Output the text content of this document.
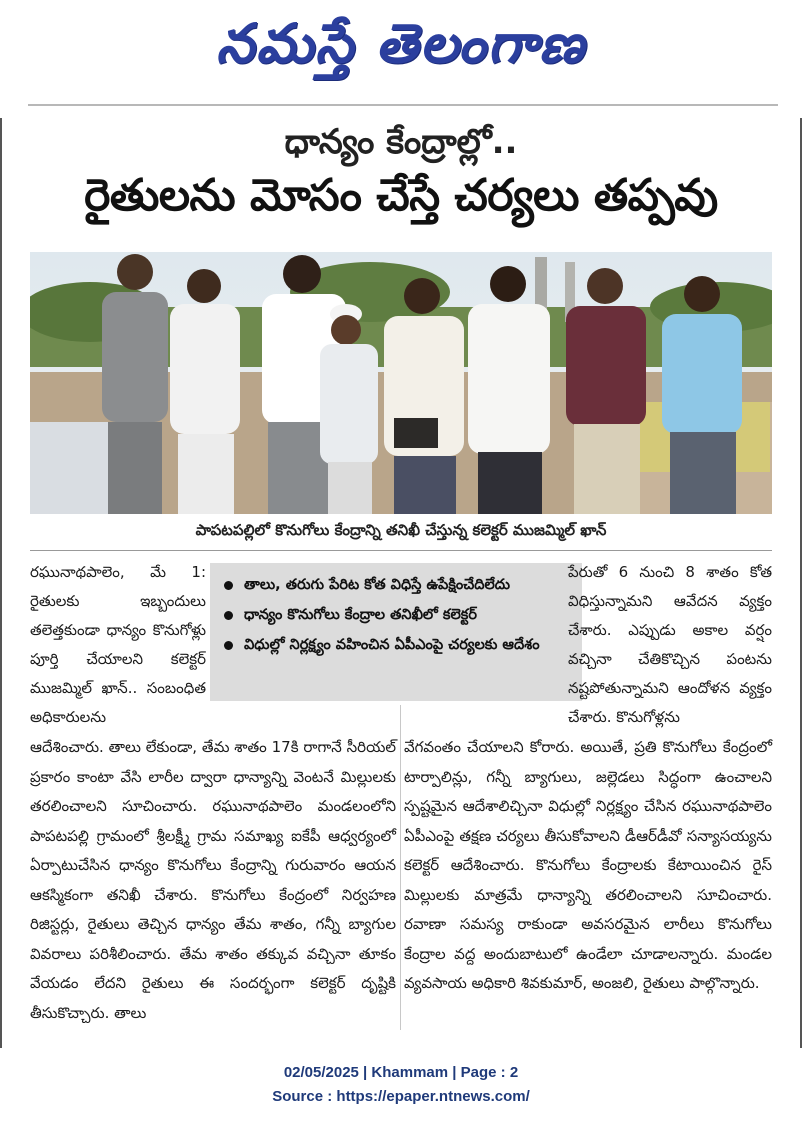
నమస్తే తెలంగాణ
ధాన్యం కేంద్రాల్లో..
రైతులను మోసం చేస్తే చర్యలు తప్పవు
పాపటపల్లిలో కొనుగోలు కేంద్రాన్ని తనిఖీ చేస్తున్న కలెక్టర్ ముజమ్మిల్ ఖాన్
రఘునాథపాలెం, మే 1: రైతులకు ఇబ్బందులు తలెత్తకుండా ధాన్యం కొనుగోళ్లు పూర్తి చేయాలని కలెక్టర్ ముజమ్మిల్ ఖాన్.. సంబంధిత అధికారులను
తాలు, తరుగు పేరిట కోత విధిస్తే ఉపేక్షించేదిలేదు
ధాన్యం కొనుగోలు కేంద్రాల తనిఖీలో కలెక్టర్
విధుల్లో నిర్లక్ష్యం వహించిన ఏపీఎంపై చర్యలకు ఆదేశం
పేరుతో 6 నుంచి 8 శాతం కోత విధిస్తున్నామని ఆవేదన వ్యక్తం చేశారు. ఎప్పుడు అకాల వర్షం వచ్చినా చేతికొచ్చిన పంటను నష్టపోతున్నామని ఆందోళన వ్యక్తం చేశారు. కొనుగోళ్లను
ఆదేశించారు. తాలు లేకుండా, తేమ శాతం 17కి రాగానే సీరియల్ ప్రకారం కాంటా వేసి లారీల ద్వారా ధాన్యాన్ని వెంటనే మిల్లులకు తరలించాలని సూచించారు. రఘునాథపాలెం మండలంలోని పాపటపల్లి గ్రామంలో శ్రీలక్ష్మీ గ్రామ సమాఖ్య ఐకేపీ ఆధ్వర్యంలో ఏర్పాటుచేసిన ధాన్యం కొనుగోలు కేంద్రాన్ని గురువారం ఆయన ఆకస్మికంగా తనిఖీ చేశారు. కొనుగోలు కేంద్రంలో నిర్వహణ రిజిస్టర్లు, రైతులు తెచ్చిన ధాన్యం తేమ శాతం, గన్నీ బ్యాగుల వివరాలు పరిశీలించారు. తేమ శాతం తక్కువ వచ్చినా తూకం వేయడం లేదని రైతులు ఈ సందర్భంగా కలెక్టర్ దృష్టికి తీసుకొచ్చారు. తాలు
వేగవంతం చేయాలని కోరారు. అయితే, ప్రతి కొనుగోలు కేంద్రంలో టార్పాలిన్లు, గన్నీ బ్యాగులు, జల్లెడలు సిద్ధంగా ఉంచాలని స్పష్టమైన ఆదేశాలిచ్చినా విధుల్లో నిర్లక్ష్యం చేసిన రఘునాథపాలెం ఏపీఎంపై తక్షణ చర్యలు తీసుకోవాలని డీఆర్‌డీవో సన్యాసయ్యను కలెక్టర్ ఆదేశించారు. కొనుగోలు కేంద్రాలకు కేటాయించిన రైస్ మిల్లులకు మాత్రమే ధాన్యాన్ని తరలించాలని సూచించారు. రవాణా సమస్య రాకుండా అవసరమైన లారీలు కొనుగోలు కేంద్రాల వద్ద అందుబాటులో ఉండేలా చూడాలన్నారు. మండల వ్యవసాయ అధికారి శివకుమార్, అంజలి, రైతులు పాల్గొన్నారు.
02/05/2025 | Khammam | Page : 2
Source : https://epaper.ntnews.com/
